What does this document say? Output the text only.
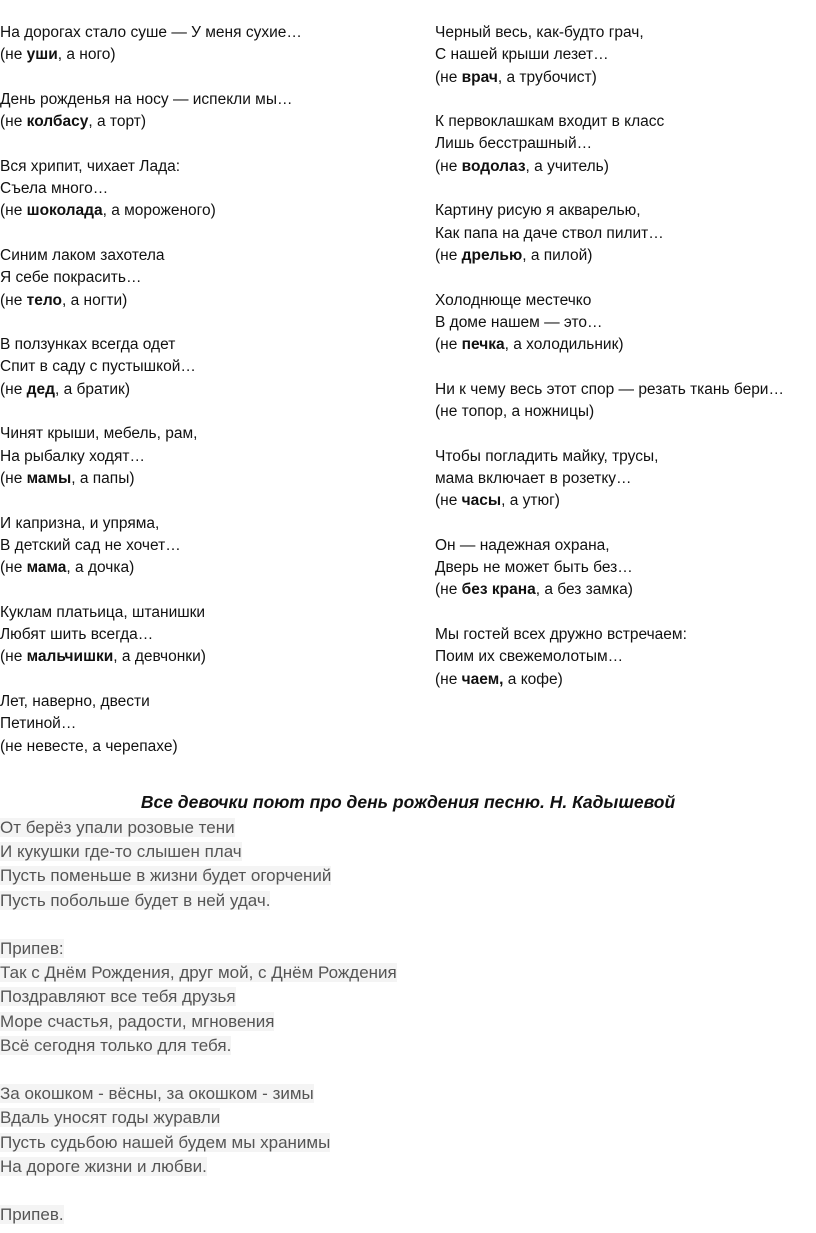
На дорогах стало суше — У меня сухие…
(не уши, а ного)
День рожденья на носу — испекли мы…
(не колбасу, а торт)
Вся хрипит, чихает Лада:
Съела много…
(не шоколада, а мороженого)
Синим лаком захотела
Я себе покрасить…
(не тело, а ногти)
В ползунках всегда одет
Спит в саду с пустышкой…
(не дед, а братик)
Чинят крыши, мебель, рам,
На рыбалку ходят…
(не мамы, а папы)
И капризна, и упряма,
В детский сад не хочет…
(не мама, а дочка)
Куклам платьица, штанишки
Любят шить всегда…
(не мальчишки, а девчонки)
Лет, наверно, двести
Петиной…
(не невесте, а черепахе)
Черный весь, как-будто грач,
С нашей крыши лезет…
(не врач, а трубочист)
К первоклашкам входит в класс
Лишь бесстрашный…
(не водолаз, а учитель)
Картину рисую я акварелью,
Как папа на даче ствол пилит…
(не дрелью, а пилой)
Холоднюще местечко
В доме нашем — это…
(не печка, а холодильник)
Ни к чему весь этот спор — резать ткань бери…
(не топор, а ножницы)
Чтобы погладить майку, трусы,
мама включает в розетку…
(не часы, а утюг)
Он — надежная охрана,
Дверь не может быть без…
(не без крана, а без замка)
Мы гостей всех дружно встречаем:
Поим их свежемолотым…
(не чаем, а кофе)
Все девочки поют про день рождения песню. Н. Кадышевой
От берёз упали розовые тени
И кукушки где-то слышен плач
Пусть поменьше в жизни будет огорчений
Пусть побольше будет в ней удач.
Припев:
Так с Днём Рождения, друг мой, с Днём Рождения
Поздравляют все тебя друзья
Море счастья, радости, мгновения
Всё сегодня только для тебя.
За окошком - вёсны, за окошком - зимы
Вдаль уносят годы журавли
Пусть судьбою нашей будем мы хранимы
На дороге жизни и любви.
Припев.
